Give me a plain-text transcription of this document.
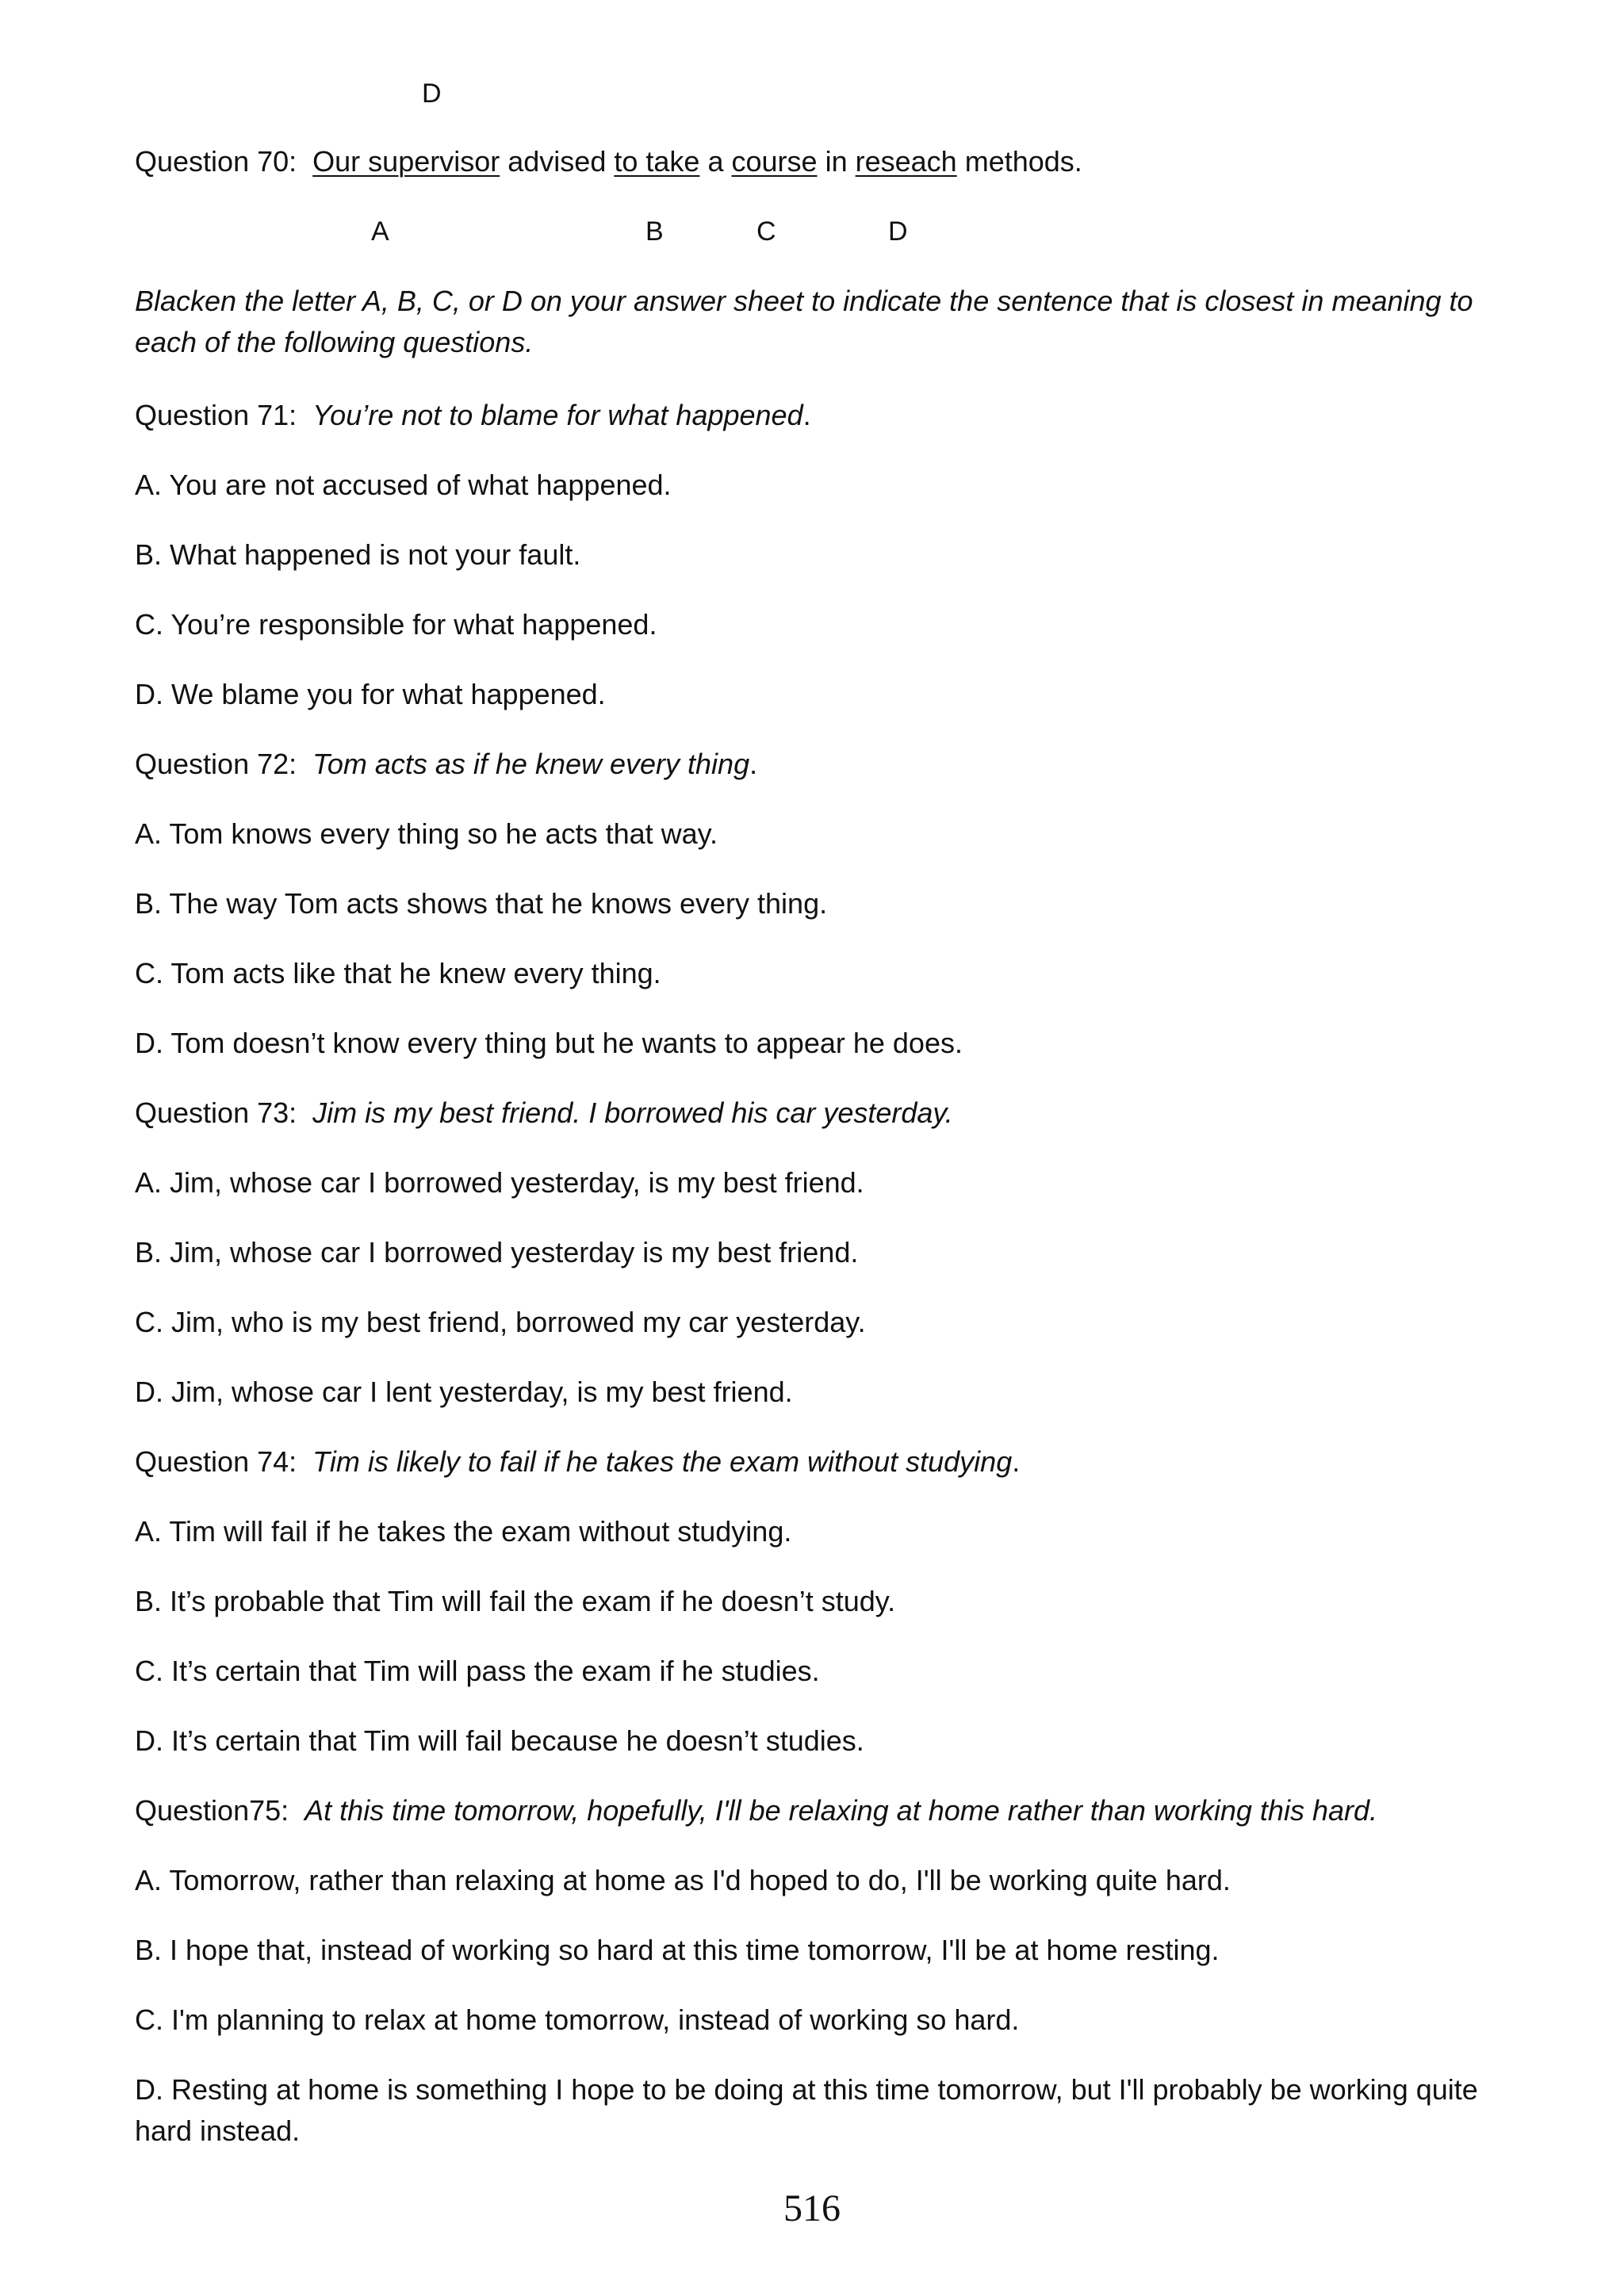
D
Question 70: Our supervisor advised to take a course in reseach methods.
A	B	C	D
Blacken the letter A, B, C, or D on your answer sheet to indicate the sentence that is closest in meaning to each of the following questions.
Question 71: You’re not to blame for what happened.
A. You are not accused of what happened.
B. What happened is not your fault.
C. You’re responsible for what happened.
D. We blame you for what happened.
Question 72: Tom acts as if he knew every thing.
A. Tom knows every thing so he acts that way.
B. The way Tom acts shows that he knows every thing.
C. Tom acts like that he knew every thing.
D. Tom doesn’t know every thing but he wants to appear he does.
Question 73: Jim is my best friend. I borrowed his car yesterday.
A. Jim, whose car I borrowed yesterday, is my best friend.
B. Jim, whose car I borrowed yesterday is my best friend.
C. Jim, who is my best friend, borrowed my car yesterday.
D. Jim, whose car I lent yesterday, is my best friend.
Question 74: Tim is likely to fail if he takes the exam without studying.
A. Tim will fail if he takes the exam without studying.
B. It’s probable that Tim will fail the exam if he doesn’t study.
C. It’s certain that Tim will pass the exam if he studies.
D. It’s certain that Tim will fail because he doesn’t studies.
Question75: At this time tomorrow, hopefully, I'll be relaxing at home rather than working this hard.
A. Tomorrow, rather than relaxing at home as I'd hoped to do, I'll be working quite hard.
B. I hope that, instead of working so hard at this time tomorrow, I'll be at home resting.
C. I'm planning to relax at home tomorrow, instead of working so hard.
D. Resting at home is something I hope to be doing at this time tomorrow, but I'll probably be working quite hard instead.
516
